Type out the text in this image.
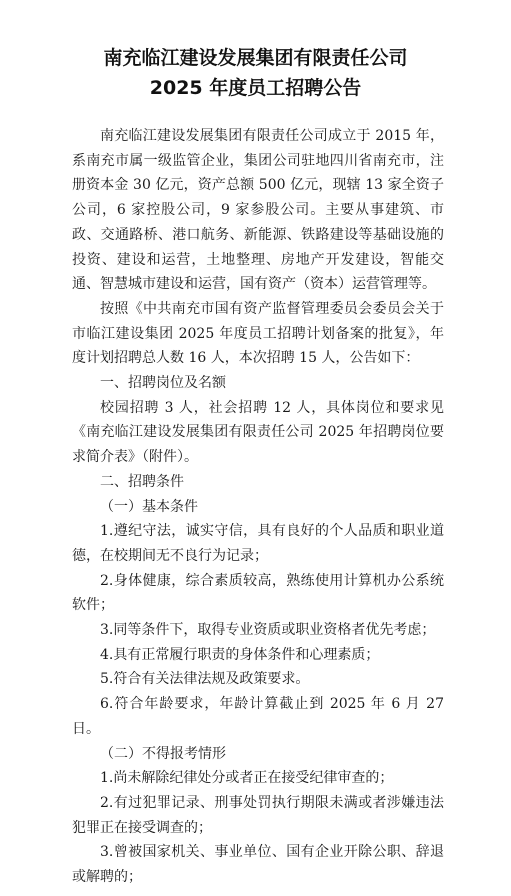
南充临江建设发展集团有限责任公司
2025 年度员工招聘公告

南充临江建设发展集团有限责任公司成立于 2015 年，系南充市属一级监管企业，集团公司驻地四川省南充市，注册资本金 30 亿元，资产总额 500 亿元，现辖 13 家全资子公司，6 家控股公司，9 家参股公司。主要从事建筑、市政、交通路桥、港口航务、新能源、铁路建设等基础设施的投资、建设和运营，土地整理、房地产开发建设，智能交通、智慧城市建设和运营，国有资产（资本）运营管理等。

按照《中共南充市国有资产监督管理委员会委员会关于市临江建设集团 2025 年度员工招聘计划备案的批复》，年度计划招聘总人数 16 人，本次招聘 15 人，公告如下：

一、招聘岗位及名额

校园招聘 3 人，社会招聘 12 人，具体岗位和要求见《南充临江建设发展集团有限责任公司 2025 年招聘岗位要求简介表》（附件）。

二、招聘条件

（一）基本条件

1.遵纪守法，诚实守信，具有良好的个人品质和职业道德，在校期间无不良行为记录；

2.身体健康，综合素质较高，熟练使用计算机办公系统软件；

3.同等条件下，取得专业资质或职业资格者优先考虑；

4.具有正常履行职责的身体条件和心理素质；

5.符合有关法律法规及政策要求。

6.符合年龄要求，年龄计算截止到 2025 年 6 月 27 日。

（二）不得报考情形

1.尚未解除纪律处分或者正在接受纪律审查的；

2.有过犯罪记录、刑事处罚执行期限未满或者涉嫌违法犯罪正在接受调查的；

3.曾被国家机关、事业单位、国有企业开除公职、辞退或解聘的；
